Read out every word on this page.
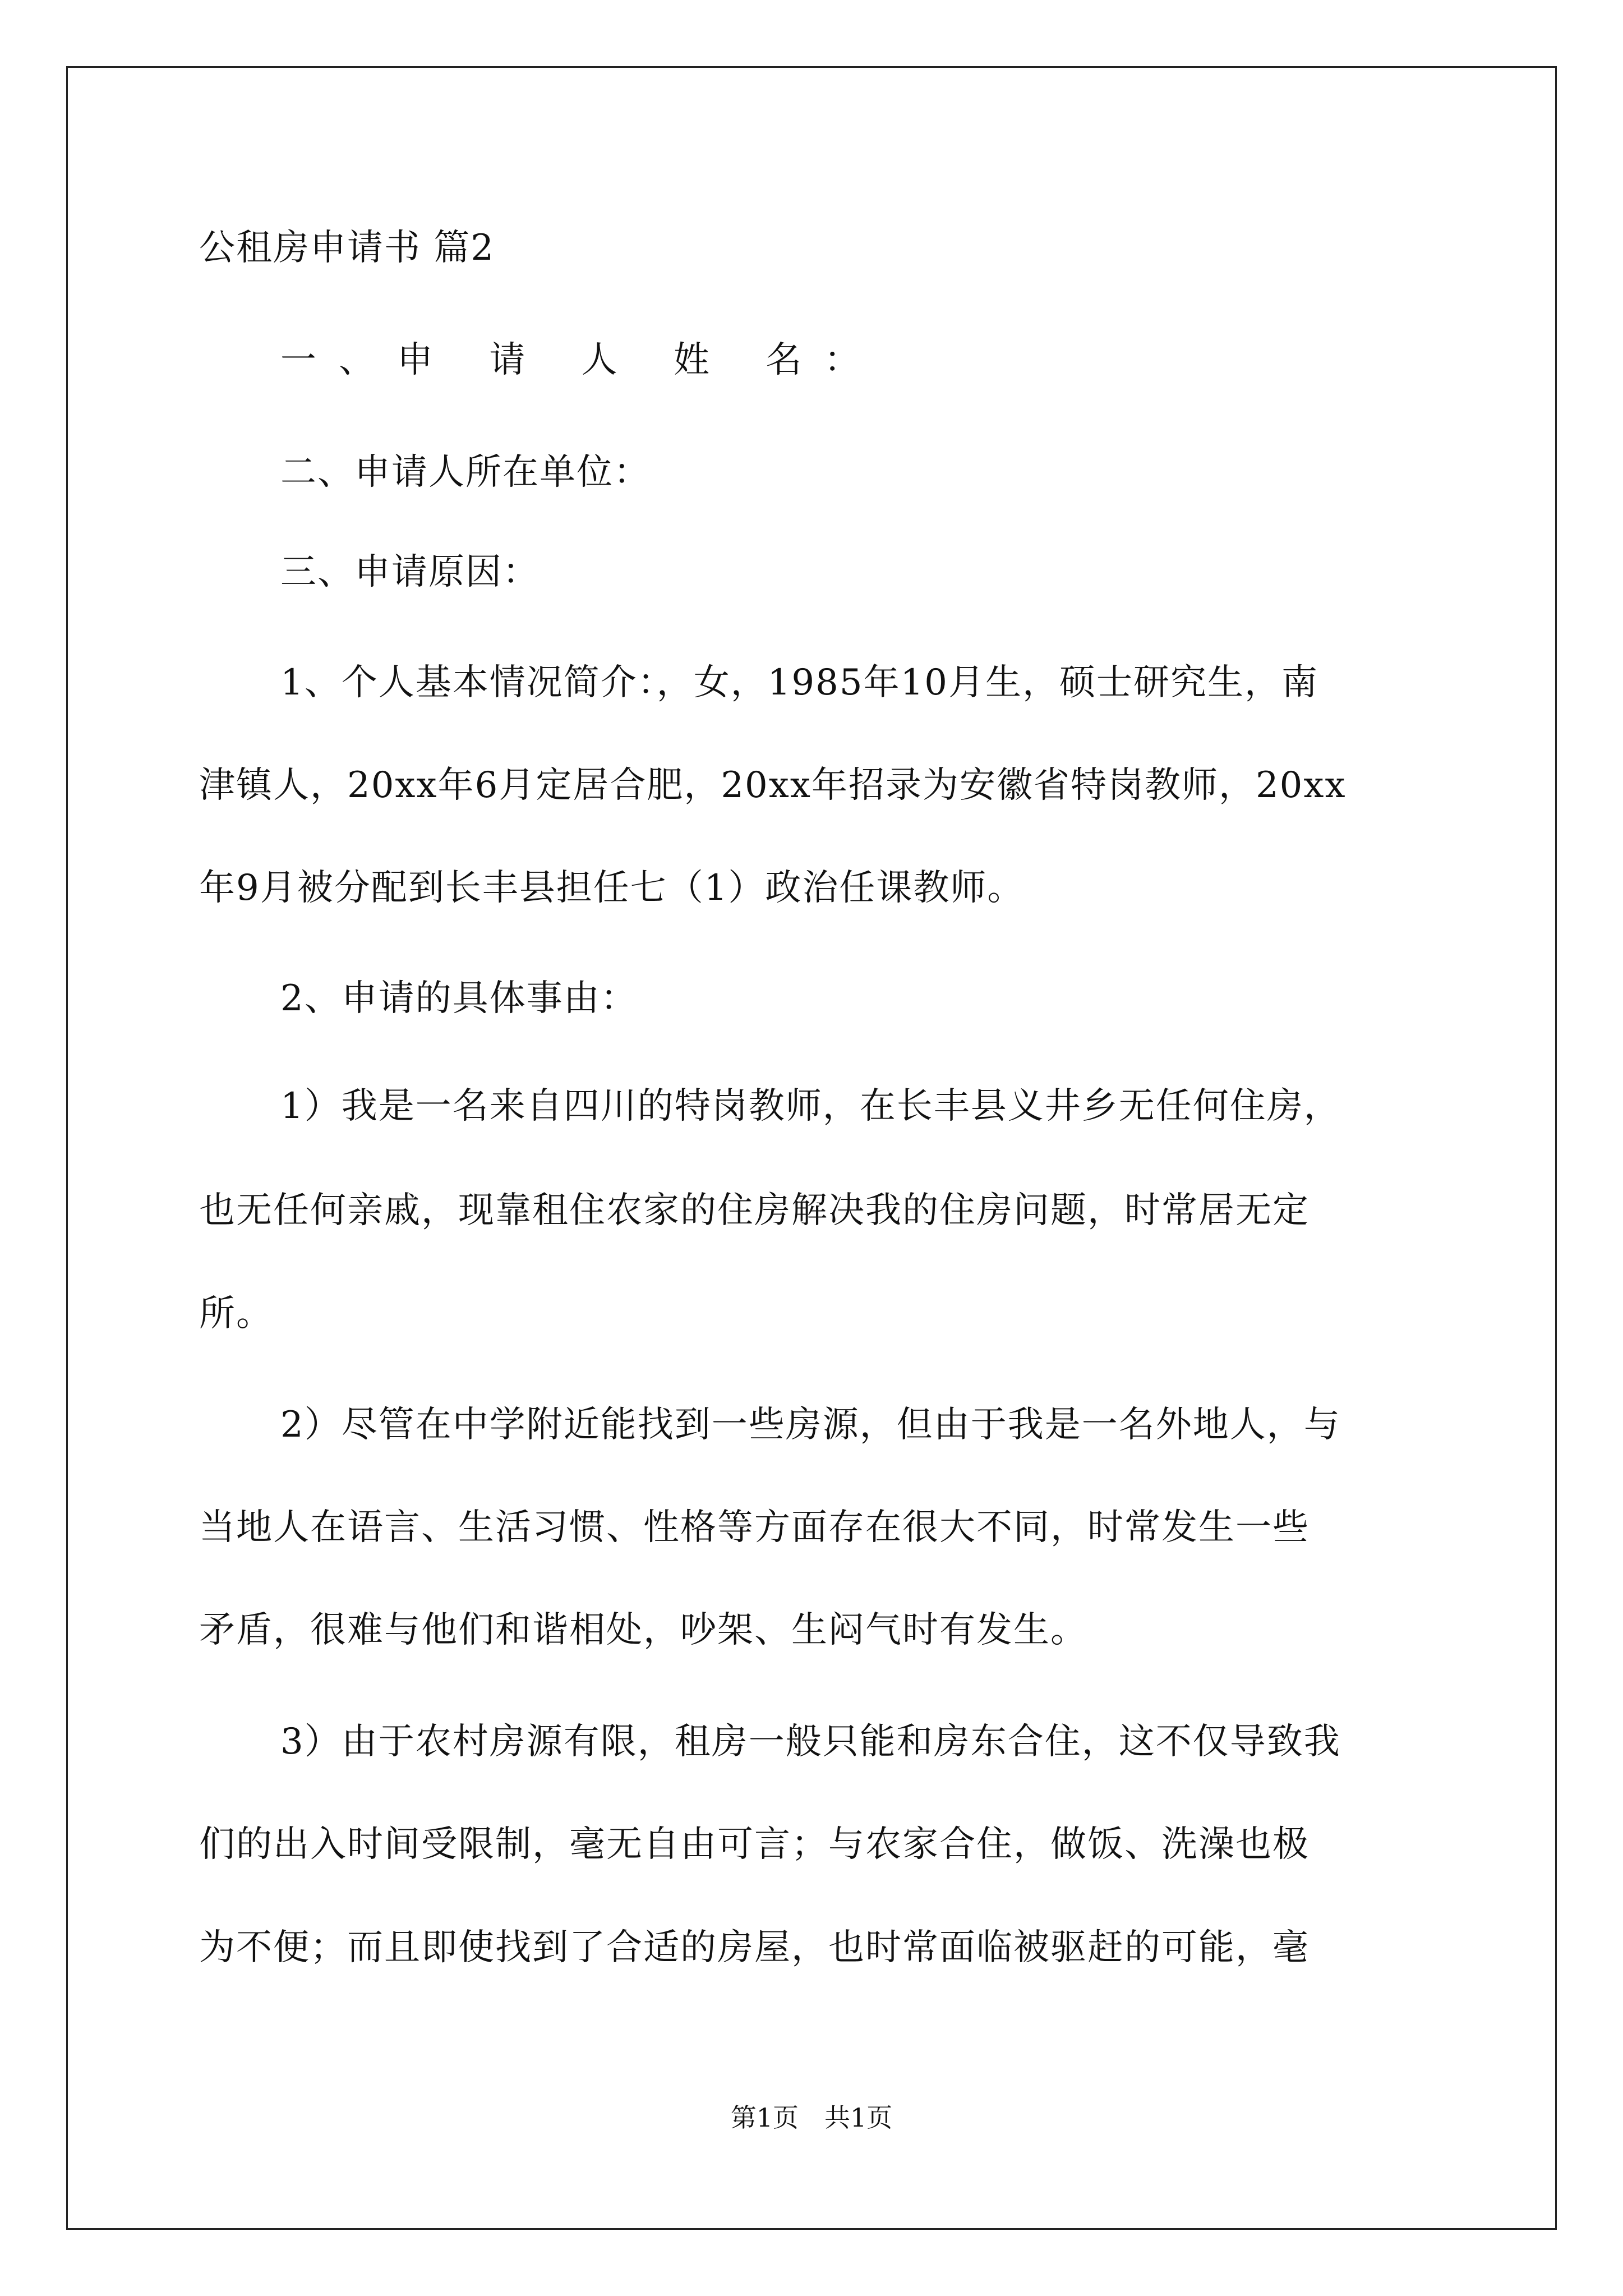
公租房申请书 篇2
一、申 请 人 姓 名：
二、申请人所在单位：
三、申请原因：
1、个人基本情况简介：，女，1985年10月生，硕士研究生，南
津镇人，20xx年6月定居合肥，20xx年招录为安徽省特岗教师，20xx
年9月被分配到长丰县担任七（1）政治任课教师。
2、申请的具体事由：
1）我是一名来自四川的特岗教师，在长丰县义井乡无任何住房，
也无任何亲戚，现靠租住农家的住房解决我的住房问题，时常居无定
所。
2）尽管在中学附近能找到一些房源，但由于我是一名外地人，与
当地人在语言、生活习惯、性格等方面存在很大不同，时常发生一些
矛盾，很难与他们和谐相处，吵架、生闷气时有发生。
3）由于农村房源有限，租房一般只能和房东合住，这不仅导致我
们的出入时间受限制，毫无自由可言；与农家合住，做饭、洗澡也极
为不便；而且即使找到了合适的房屋，也时常面临被驱赶的可能，毫
第1页　共1页
